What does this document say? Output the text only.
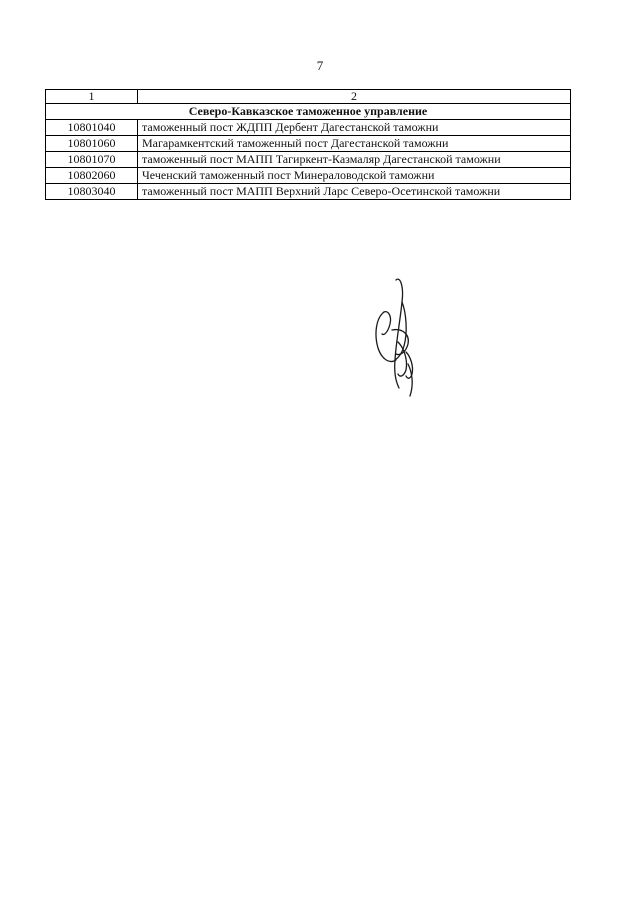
7
1	2
Северо-Кавказское таможенное управление	
10801040	таможенный пост ЖДПП Дербент Дагестанской таможни
10801060	Магарамкентский таможенный пост Дагестанской таможни
10801070	таможенный пост МАПП Тагиркент-Казмаляр Дагестанской таможни
10802060	Чеченский таможенный пост Минераловодской таможни
10803040	таможенный пост МАПП Верхний Ларс Северо-Осетинской таможни
